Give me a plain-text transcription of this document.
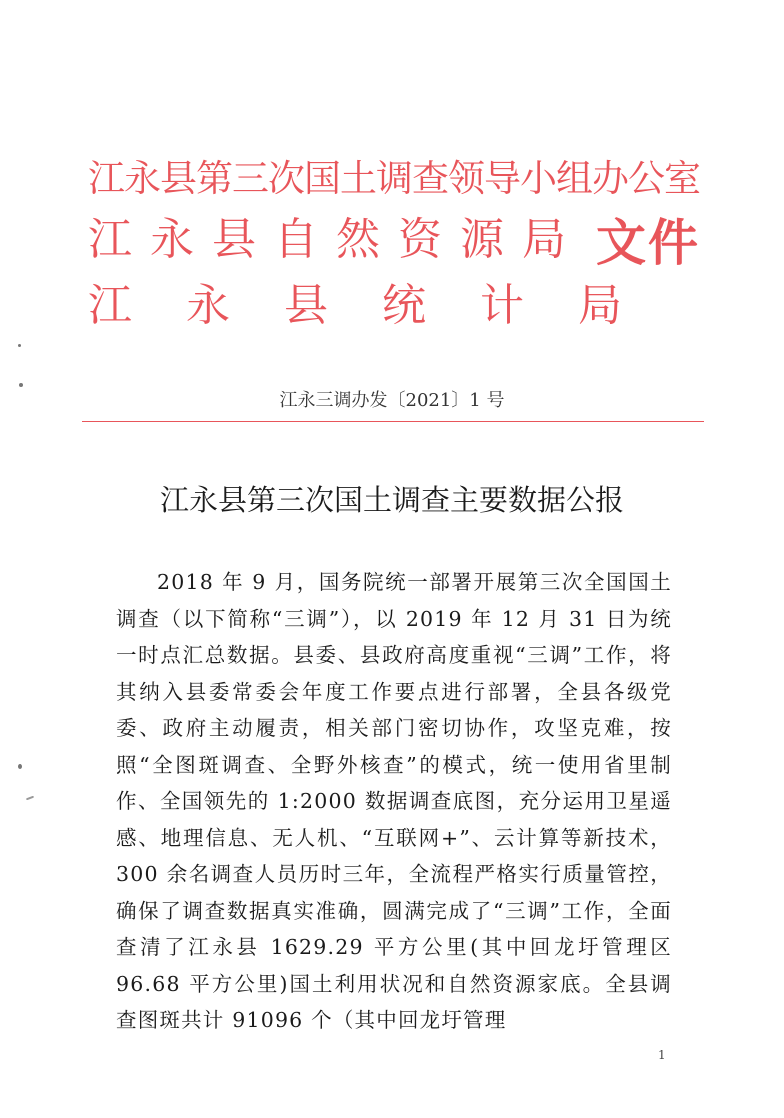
江永县第三次国土调查领导小组办公室
江永县自然资源局
江永县统计局
文件
江永三调办发〔2021〕1 号
江永县第三次国土调查主要数据公报

2018 年 9 月，国务院统一部署开展第三次全国国土调查（以下简称“三调”），以 2019 年 12 月 31 日为统一时点汇总数据。县委、县政府高度重视“三调”工作，将其纳入县委常委会年度工作要点进行部署，全县各级党委、政府主动履责，相关部门密切协作，攻坚克难，按照“全图斑调查、全野外核查”的模式，统一使用省里制作、全国领先的 1:2000 数据调查底图，充分运用卫星遥感、地理信息、无人机、“互联网+”、云计算等新技术，300 余名调查人员历时三年，全流程严格实行质量管控，确保了调查数据真实准确，圆满完成了“三调”工作，全面查清了江永县 1629.29 平方公里(其中回龙圩管理区 96.68 平方公里)国土利用状况和自然资源家底。全县调查图斑共计 91096 个（其中回龙圩管理

1
